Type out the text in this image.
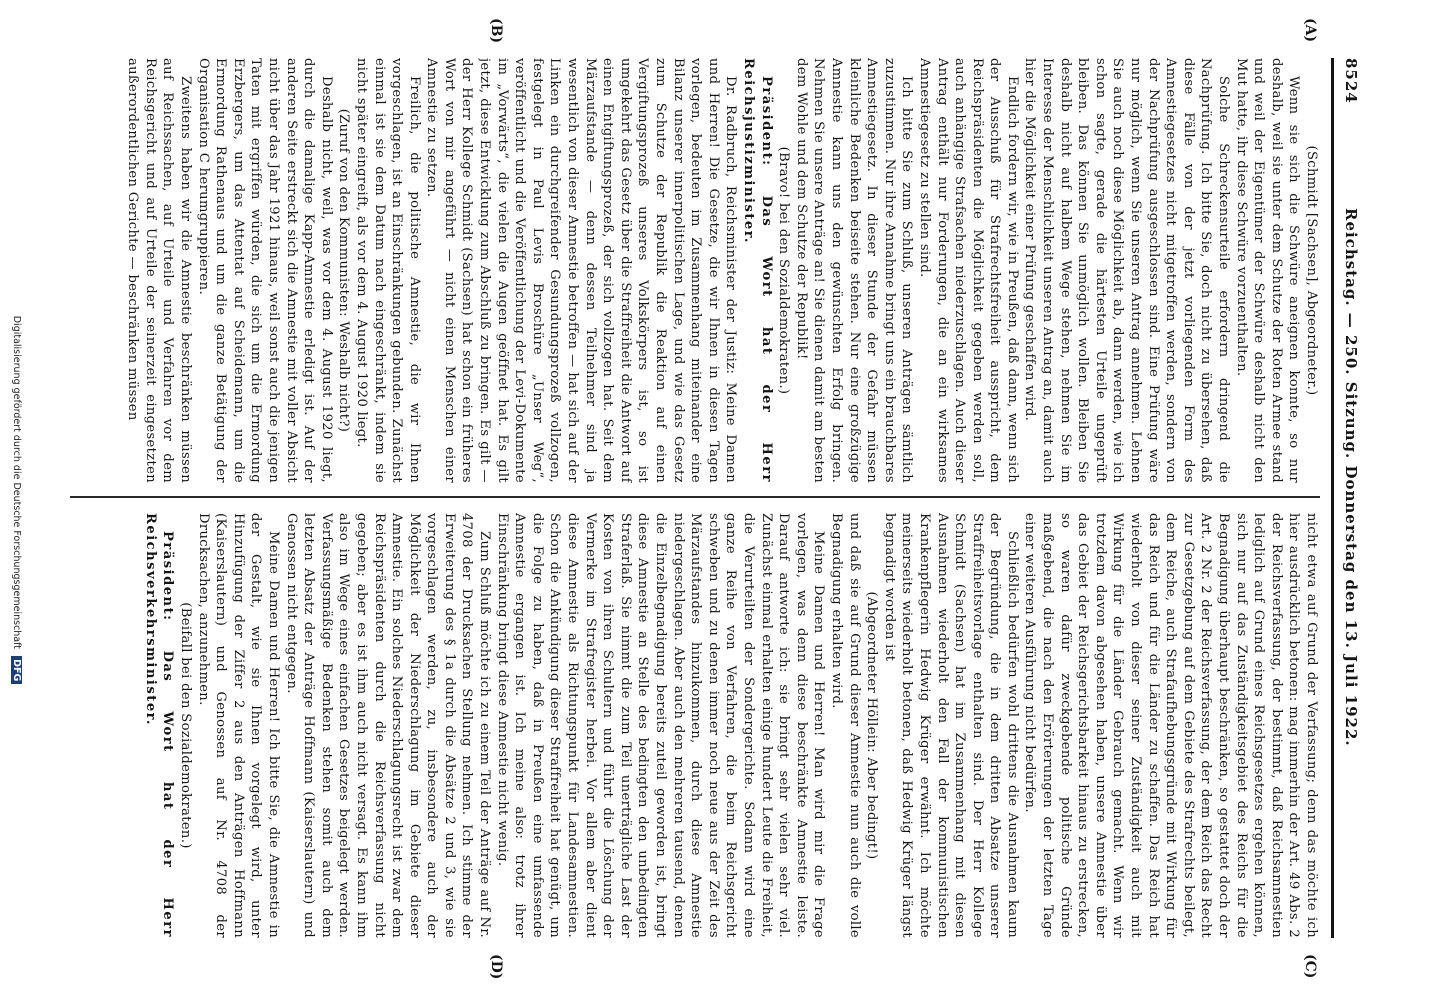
8524
Reichstag. — 250. Sitzung. Donnerstag den 13. Juli 1922.
(A)
(B)
(C)
(D)

(Schmidt [Sachsen], Abgeordneter.)

Wenn sie sich die Schwüre aneignen konnte, so nur deshalb, weil sie unter dem Schutze der Roten Armee stand und weil der Eigentümer der Schwüre deshalb nicht den Mut hatte, ihr diese Schwüre vorzuenthalten.

Solche Schreckensurteile erfordern dringend die Nachprüfung. Ich bitte Sie, doch nicht zu übersehen, daß diese Fälle von der jetzt vorliegenden Form des Amnestiegesetzes nicht mitgetroffen werden, sondern von der Nachprüfung ausgeschlossen sind. Eine Prüfung wäre nur möglich, wenn Sie unseren Antrag annehmen. Lehnen Sie auch noch diese Möglichkeit ab, dann werden, wie ich schon sagte, gerade die härtesten Urteile ungeprüft bleiben. Das können Sie unmöglich wollen. Bleiben Sie deshalb nicht auf halbem Wege stehen, nehmen Sie im Interesse der Menschlichkeit unseren Antrag an, damit auch hier die Möglichkeit einer Prüfung geschaffen wird.

Endlich fordern wir, wie in Preußen, daß dann, wenn sich der Ausschuß für Strafrechtsfreiheit ausspricht, dem Reichspräsidenten die Möglichkeit gegeben werden soll, auch anhängige Strafsachen niederzuschlagen. Auch dieser Antrag enthält nur Forderungen, die an ein wirksames Amnestiegesetz zu stellen sind.

Ich bitte Sie zum Schluß, unseren Anträgen sämtlich zuzustimmen. Nur ihre Annahme bringt uns ein brauchbares Amnestiegesetz. In dieser Stunde der Gefahr müssen kleinliche Bedenken beiseite stehen. Nur eine großzügige Amnestie kann uns den gewünschten Erfolg bringen. Nehmen Sie unsere Anträge an! Sie dienen damit am besten dem Wohle und dem Schutze der Republik!

(Bravo! bei den Sozialdemokraten.)

Präsident: Das Wort hat der Herr Reichsjustizminister.

Dr. Radbruch, Reichsminister der Justiz: Meine Damen und Herren! Die Gesetze, die wir Ihnen in diesen Tagen vorlegen, bedeuten im Zusammenhang miteinander eine Bilanz unserer innerpolitischen Lage, und wie das Gesetz zum Schutze der Republik die Reaktion auf einen Vergiftungsprozeß unseres Volkskörpers ist, so ist umgekehrt das Gesetz über die Straffreiheit die Antwort auf einen Entgiftungsprozeß, der sich vollzogen hat. Seit dem Märzaufstande — denn dessen Teilnehmer sind ja wesentlich von dieser Amnestie betroffen — hat sich auf der Linken ein durchgreifender Gesundungsprozeß vollzogen, festgelegt in Paul Levis Broschüre „Unser Weg“, veröffentlicht und die Veröffentlichung der Levi-Dokumente im „Vorwärts“, die vielen die Augen geöffnet hat. Es gilt jetzt, diese Entwicklung zum Abschluß zu bringen. Es gilt — der Herr Kollege Schmidt (Sachsen) hat schon ein früheres Wort von mir angeführt — nicht einen Menschen einer Amnestie zu setzen.

Freilich, die politische Amnestie, die wir Ihnen vorgeschlagen, ist an Einschränkungen gebunden. Zunächst einmal ist sie dem Datum nach eingeschränkt, indem sie nicht später eingreift, als vor dem 4. August 1920 liegt.

(Zuruf von den Kommunisten: Weshalb nicht?)

Deshalb nicht, weil, was vor dem 4. August 1920 liegt, durch die damalige Kapp-Amnestie erledigt ist. Auf der anderen Seite erstreckt sich die Amnestie mit voller Absicht nicht über das Jahr 1921 hinaus, weil sonst auch die jenigen Taten mit ergriffen würden, die sich um die Ermordung Erzbergers, um das Attentat auf Scheidemann, um die Ermordung Rathenaus und um die ganze Betätigung der Organisation C herumgruppieren.

Zweitens haben wir die Amnestie beschränken müssen auf Reichssachen, auf Urteile und Verfahren vor dem Reichsgericht und auf Urteile der seinerzeit eingesetzten außerordentlichen Gerichte — beschränken müssen

nicht etwa auf Grund der Verfassung; denn das möchte ich hier ausdrücklich betonen: mag immerhin der Art. 49 Abs. 2 der Reichsverfassung, der bestimmt, daß Reichsamnestien lediglich auf Grund eines Reichsgesetzes ergehen können, sich nur auf das Zuständigkeitsgebiet des Reichs für die Begnadigung überhaupt beschränken, so gestattet doch der Art. 2 Nr. 2 der Reichsverfassung, der dem Reich das Recht zur Gesetzgebung auf dem Gebiete des Strafrechts beilegt, dem Reiche, auch Strafaufhebungsgründe mit Wirkung für das Reich und für die Länder zu schaffen. Das Reich hat wiederholt von dieser seiner Zuständigkeit auch mit Wirkung für die Länder Gebrauch gemacht. Wenn wir trotzdem davon abgesehen haben, unsere Amnestie über das Gebiet der Reichsgerichtsbarkeit hinaus zu erstrecken, so waren dafür zweckgebende politische Gründe maßgebend, die nach den Erörterungen der letzten Tage einer weiteren Ausführung nicht bedürfen.

Schließlich bedürfen wohl drittens die Ausnahmen kaum der Begründung, die in dem dritten Absatze unserer Straffreiheitsvorlage enthalten sind. Der Herr Kollege Schmidt (Sachsen) hat im Zusammenhang mit diesen Ausnahmen wiederholt den Fall der kommunistischen Krankenpflegerin Hedwig Krüger erwähnt. Ich möchte meinerseits wiederholt betonen, daß Hedwig Krüger längst begnadigt worden ist

(Abgeordneter Höllein: Aber bedingt!)

und daß sie auf Grund dieser Amnestie nun auch die volle Begnadigung erhalten wird.

Meine Damen und Herren! Man wird mir die Frage vorlegen, was denn diese beschränkte Amnestie leiste. Darauf antworte ich: sie bringt sehr vielen sehr viel. Zunächst einmal erhalten einige hundert Leute die Freiheit, die Verurteilten der Sondergerichte. Sodann wird eine ganze Reihe von Verfahren, die beim Reichsgericht schweben und zu denen immer noch neue aus der Zeit des Märzaufstandes hinzukommen, durch diese Amnestie niedergeschlagen. Aber auch den mehreren tausend, denen die Einzelbegnadigung bereits zuteil geworden ist, bringt diese Amnestie an Stelle des bedingten den unbedingten Straferlaß. Sie nimmt die zum Teil unerträgliche Last der Kosten von ihren Schultern und führt die Löschung der Vermerke im Strafregister herbei. Vor allem aber dient diese Amnestie als Richtungspunkt für Landesamnestien. Schon die Ankündigung dieser Straffreiheit hat genügt, um die Folge zu haben, daß in Preußen eine umfassende Amnestie ergangen ist. Ich meine also: trotz ihrer Einschränkung bringt diese Amnestie nicht wenig.

Zum Schluß möchte ich zu einem Teil der Anträge auf Nr. 4708 der Drucksachen Stellung nehmen. Ich stimme der Erweiterung des § 1a durch die Absätze 2 und 3, wie sie vorgeschlagen werden, zu, insbesondere auch der Möglichkeit der Niederschlagung im Gebiete dieser Amnestie. Ein solches Niederschlagungsrecht ist zwar dem Reichspräsidenten durch die Reichsverfassung nicht gegeben; aber es ist ihm auch nicht versagt. Es kann ihm also im Wege eines einfachen Gesetzes beigelegt werden. Verfassungsmäßige Bedenken stehen somit auch dem letzten Absatz der Anträge Hoffmann (Kaiserslautern) und Genossen nicht entgegen.

Meine Damen und Herren! Ich bitte Sie, die Amnestie in der Gestalt, wie sie Ihnen vorgelegt wird, unter Hinzufügung der Ziffer 2 aus den Anträgen Hoffmann (Kaiserslautern) und Genossen auf Nr. 4708 der Drucksachen, anzunehmen.

(Beifall bei den Sozialdemokraten.)

Präsident: Das Wort hat der Herr Reichsverkehrsminister.

Digitalisierung gefördert durch die Deutsche Forschungsgemeinschaft DFG
